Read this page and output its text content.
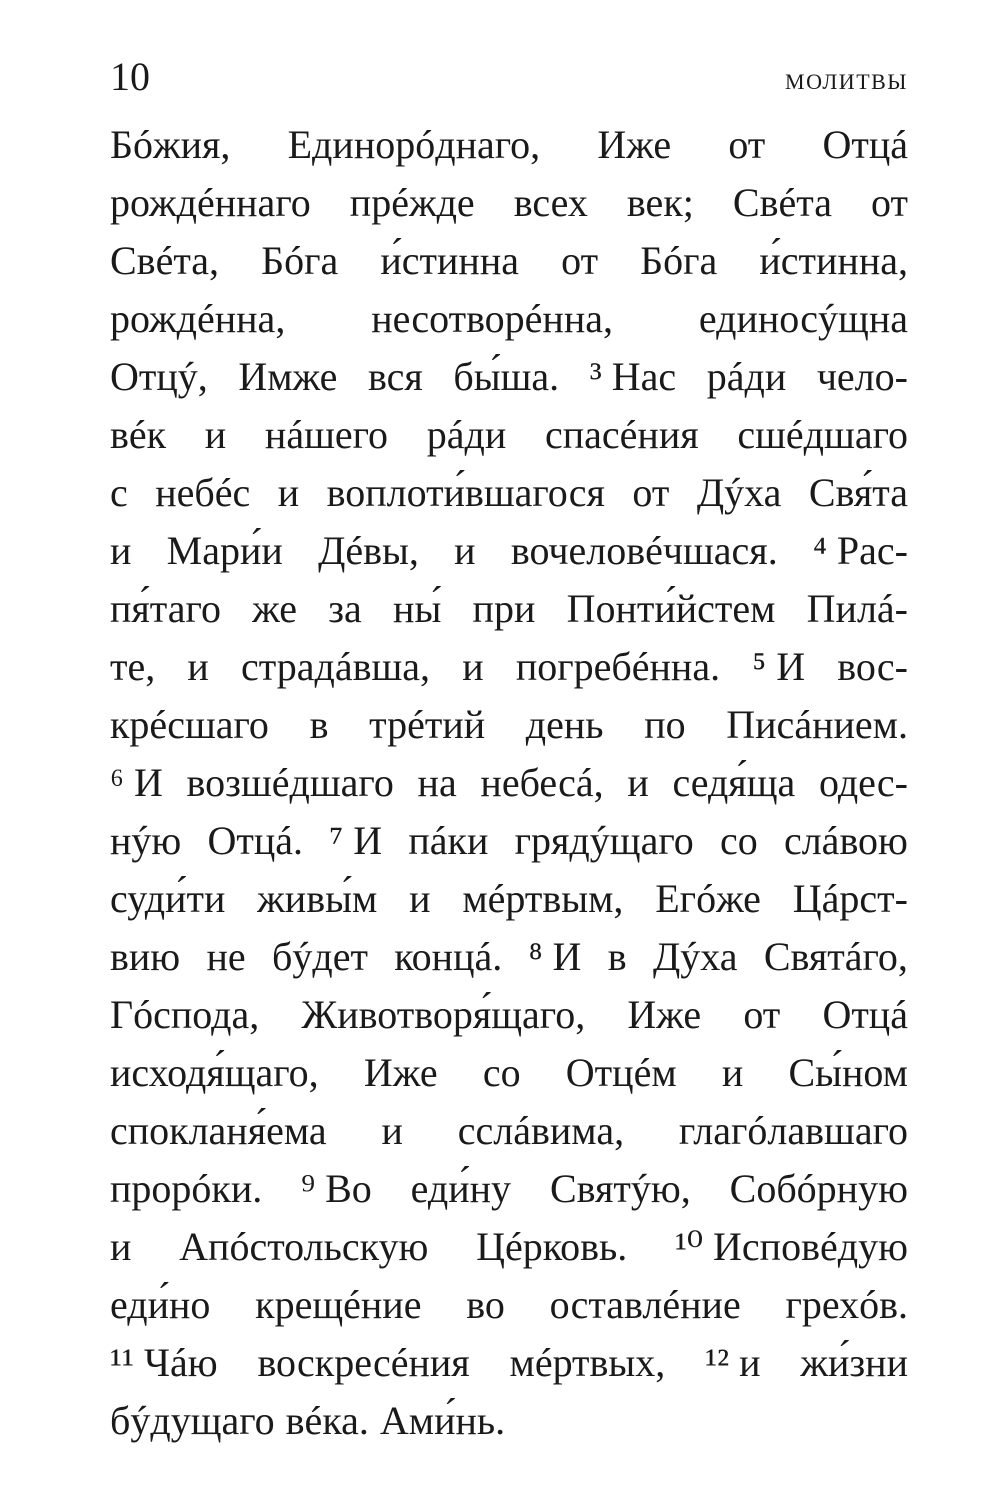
10	молитвы
Бóжия, Единорóднаго, Иже от Отцá
рождéннаго прéжде всех век; Свéта от
Свéта, Бóга и́стинна от Бóга и́стинна,
рождéнна, несотворéнна, единосýщна
Отцý, Имже вся бы́ша. ³ Нас рáди чело-
вéк и нáшего рáди спасéния сшéдшаго
с небéс и воплоти́вшагося от Дýха Свя́та
и Мари́и Дéвы, и вочеловéчшася. ⁴ Рас-
пя́таго же за ны́ при Понти́йстем Пилá-
те, и страдáвша, и погребéнна. ⁵ И вос-
крéсшаго в трéтий день по Писáнием.
⁶ И возшéдшаго на небесá, и седя́ща одес-
нýю Отцá. ⁷ И пáки грядýщаго со слáвою
суди́ти живы́м и мéртвым, Егóже Цáрст-
вию не бýдет концá. ⁸ И в Дýха Святáго,
Гóспода, Животворя́щаго, Иже от Отцá
исходя́щаго, Иже со Отцéм и Сы́ном
спокланя́ема и сслáвима, глагóлавшаго
прорóки. ⁹ Во еди́ну Святýю, Собóрную
и Апóстольскую Цéрковь. ¹⁰ Исповéдую
еди́но крещéние во оставлéние грехóв.
¹¹ Чáю воскресéния мéртвых, ¹² и жи́зни
бýдущаго вéка. Ами́нь.
